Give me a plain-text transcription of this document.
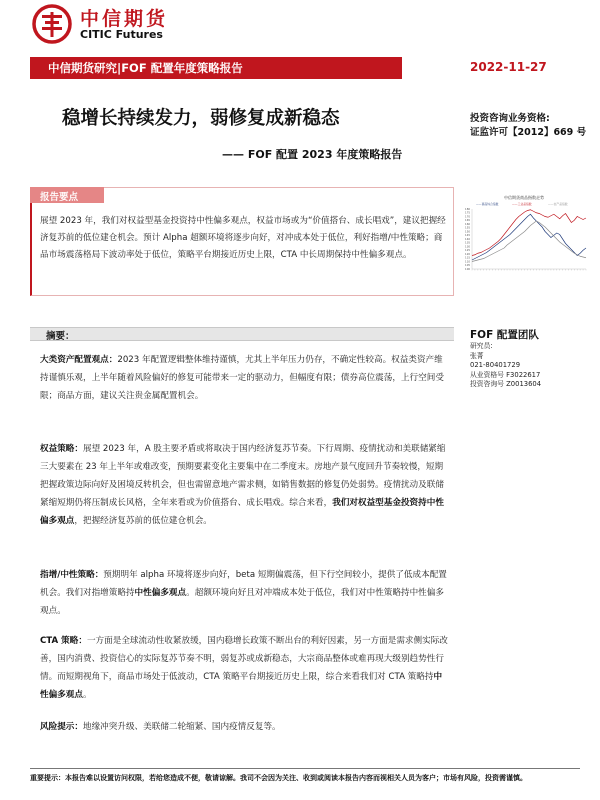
中信期货
CITIC Futures
中信期货研究|FOF 配置年度策略报告	2022-11-27
稳增长持续发力，弱修复成新稳态
—— FOF 配置 2023 年度策略报告
投资咨询业务资格:
证监许可【2012】669 号
报告要点
展望 2023 年，我们对权益型基金投资持中性偏多观点，权益市场或为“价值搭台、成长唱戏”，建议把握经济复苏前的低位建仓机会。预计 Alpha 超额环境将逐步向好，对冲成本处于低位，利好指增/中性策略；商品市场震荡格局下波动率处于低位，策略平台期接近历史上限，CTA 中长周期保持中性偏多观点。
中信期货商品指数走势
——商品综合指数	——工业品指数	——农产品指数
180
175
170
165
160
155
150
145
140
135
130
125
120
115
110
105
100
摘要：
大类资产配置观点：2023 年配置逻辑整体维持谨慎，尤其上半年压力仍存，不确定性较高。权益类资产维持谨慎乐观，上半年随着风险偏好的修复可能带来一定的驱动力，但幅度有限；债券高位震荡，上行空间受限；商品方面，建议关注贵金属配置机会。
权益策略：展望 2023 年，A 股主要矛盾或将取决于国内经济复苏节奏。下行周期、疫情扰动和美联储紧缩三大要素在 23 年上半年或难改变，预期要素变化主要集中在二季度末。房地产景气度回升节奏较慢，短期把握政策边际向好及困境反转机会，但也需留意地产需求侧，如销售数据的修复仍处弱势。疫情扰动及联储紧缩短期仍将压制成长风格，全年来看或为价值搭台、成长唱戏。综合来看，我们对权益型基金投资持中性偏多观点，把握经济复苏前的低位建仓机会。
指增/中性策略：预期明年 alpha 环境将逐步向好，beta 短期偏震荡，但下行空间较小，提供了低成本配置机会。我们对指增策略持中性偏多观点。超额环境向好且对冲端成本处于低位，我们对中性策略持中性偏多观点。
CTA 策略：一方面是全球流动性收紧放缓，国内稳增长政策不断出台的利好因素，另一方面是需求侧实际改善，国内消费、投资信心的实际复苏节奏不明，弱复苏或成新稳态，大宗商品整体或难再现大级别趋势性行情。而短期视角下，商品市场处于低波动，CTA 策略平台期接近历史上限，综合来看我们对 CTA 策略持中性偏多观点。
风险提示：地缘冲突升级、美联储二轮缩紧、国内疫情反复等。
FOF 配置团队
研究员:
张菁
021-80401729
从业资格号 F3022617
投资咨询号 Z0013604
重要提示：本报告难以设置访问权限，若给您造成不便，敬请谅解。我司不会因为关注、收到或阅读本报告内容而视相关人员为客户；市场有风险，投资需谨慎。
